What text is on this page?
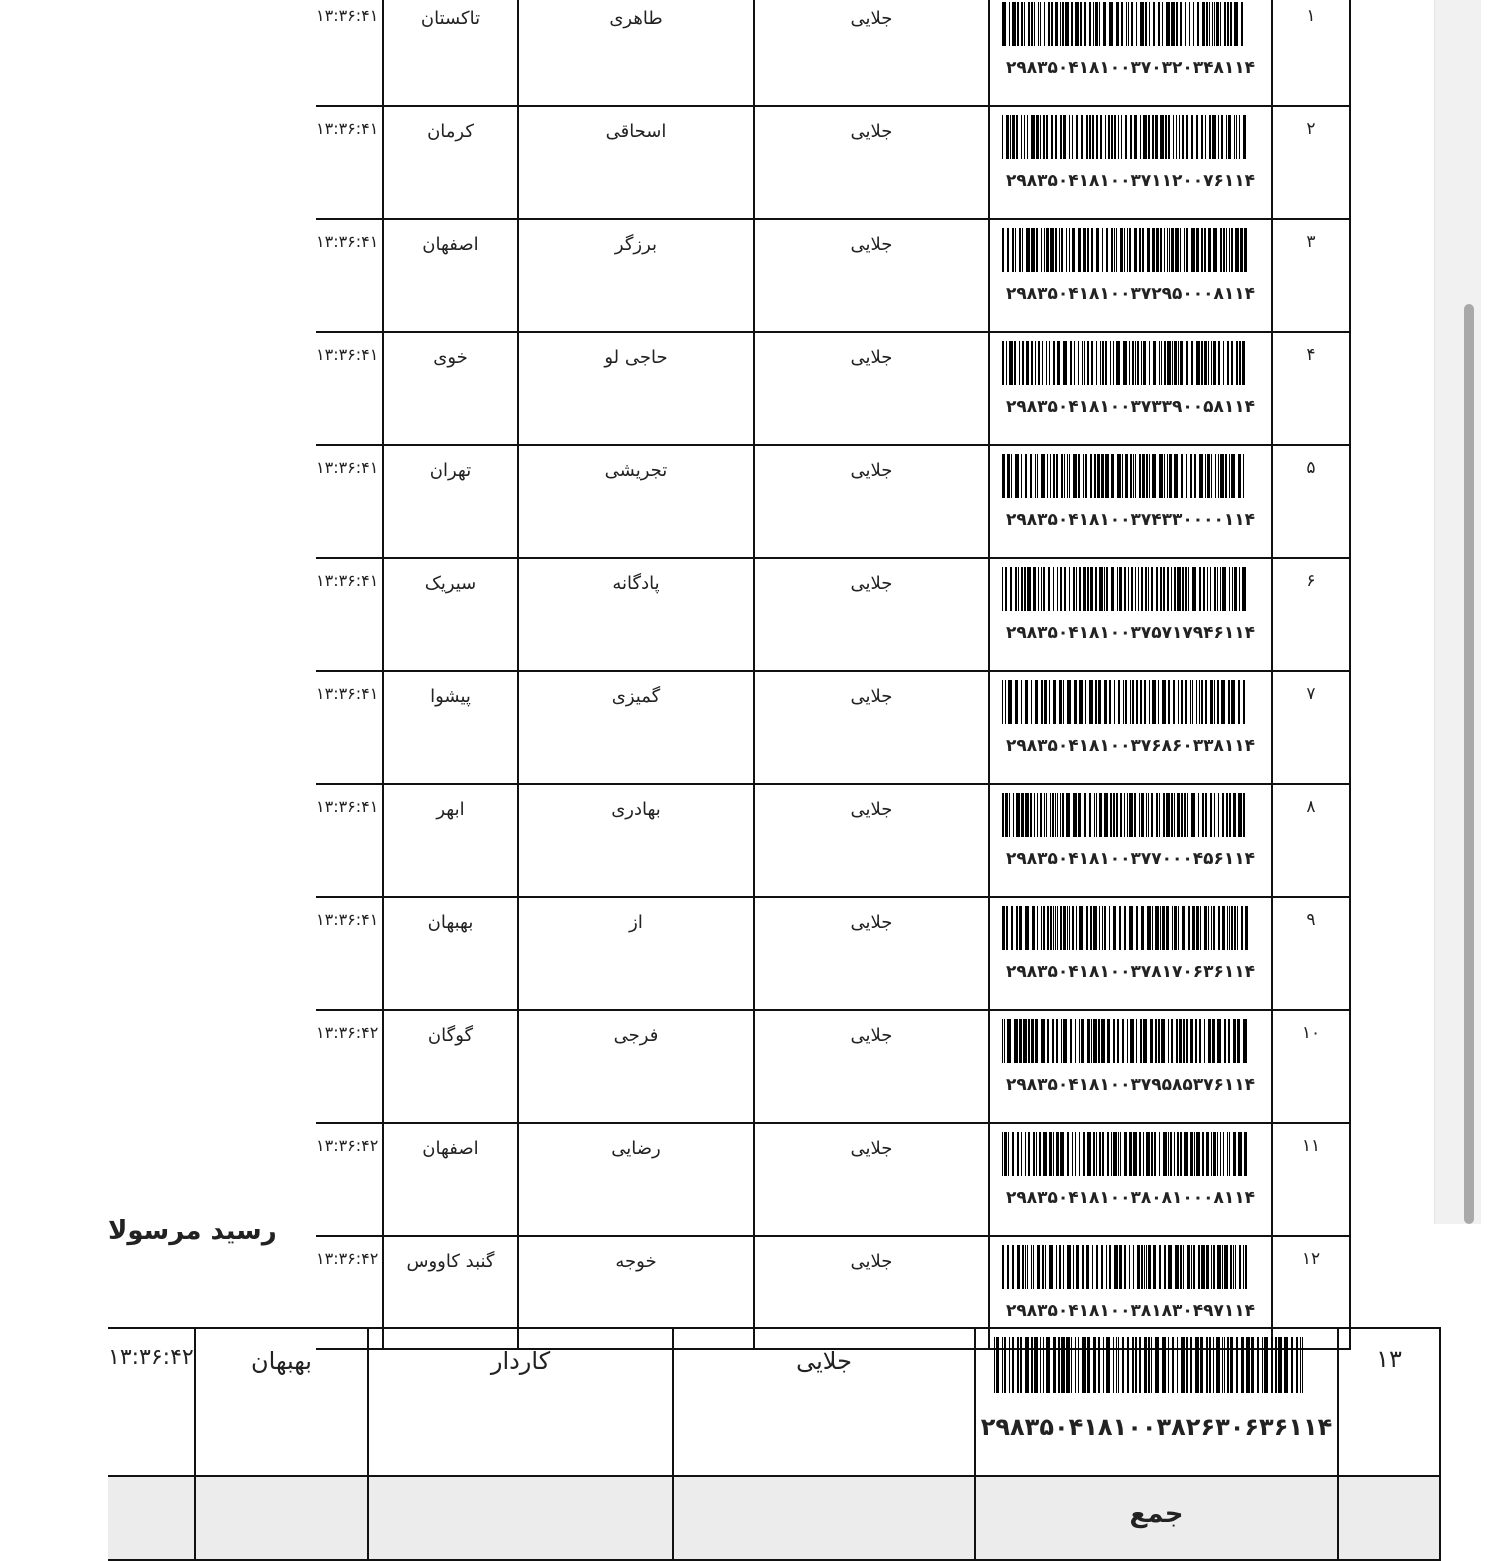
۱۳:۳۶:۴۱	تاکستان	طاهری	جلایی	۲۹۸۳۵۰۴۱۸۱۰۰۳۷۰۳۲۰۳۴۸۱۱۴	۱
۱۳:۳۶:۴۱	کرمان	اسحاقی	جلایی	۲۹۸۳۵۰۴۱۸۱۰۰۳۷۱۱۲۰۰۷۶۱۱۴	۲
۱۳:۳۶:۴۱	اصفهان	برزگر	جلایی	۲۹۸۳۵۰۴۱۸۱۰۰۳۷۲۹۵۰۰۰۸۱۱۴	۳
۱۳:۳۶:۴۱	خوی	حاجی لو	جلایی	۲۹۸۳۵۰۴۱۸۱۰۰۳۷۳۳۹۰۰۵۸۱۱۴	۴
۱۳:۳۶:۴۱	تهران	تجریشی	جلایی	۲۹۸۳۵۰۴۱۸۱۰۰۳۷۴۳۳۰۰۰۰۱۱۴	۵
۱۳:۳۶:۴۱	سیریک	پادگانه	جلایی	۲۹۸۳۵۰۴۱۸۱۰۰۳۷۵۷۱۷۹۴۶۱۱۴	۶
۱۳:۳۶:۴۱	پیشوا	گمیزی	جلایی	۲۹۸۳۵۰۴۱۸۱۰۰۳۷۶۸۶۰۳۳۸۱۱۴	۷
۱۳:۳۶:۴۱	ابهر	بهادری	جلایی	۲۹۸۳۵۰۴۱۸۱۰۰۳۷۷۰۰۰۴۵۶۱۱۴	۸
۱۳:۳۶:۴۱	بهبهان	از	جلایی	۲۹۸۳۵۰۴۱۸۱۰۰۳۷۸۱۷۰۶۳۶۱۱۴	۹
۱۳:۳۶:۴۲	گوگان	فرجی	جلایی	۲۹۸۳۵۰۴۱۸۱۰۰۳۷۹۵۸۵۳۷۶۱۱۴	۱۰
۱۳:۳۶:۴۲	اصفهان	رضایی	جلایی	۲۹۸۳۵۰۴۱۸۱۰۰۳۸۰۸۱۰۰۰۸۱۱۴	۱۱
۱۳:۳۶:۴۲	گنبد کاووس	خوجه	جلایی	۲۹۸۳۵۰۴۱۸۱۰۰۳۸۱۸۳۰۴۹۷۱۱۴	۱۲
رسید مرسولا
۱۳:۳۶:۴۲	بهبهان	کاردار	جلایی	۲۹۸۳۵۰۴۱۸۱۰۰۳۸۲۶۳۰۶۳۶۱۱۴	۱۳
				جمع	
